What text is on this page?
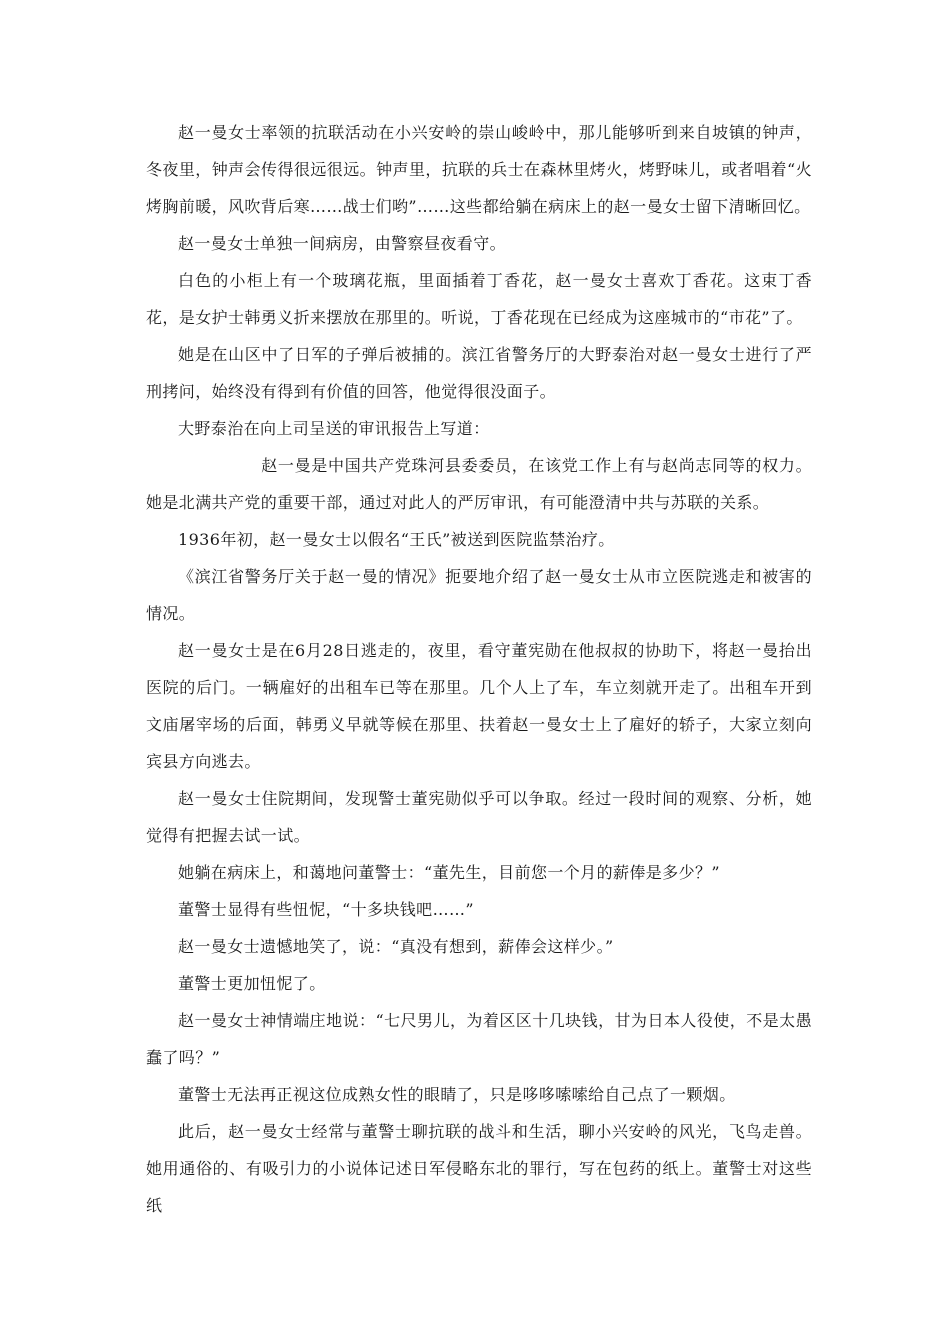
赵一曼女士率领的抗联活动在小兴安岭的崇山峻岭中，那儿能够听到来自坡镇的钟声，冬夜里，钟声会传得很远很远。钟声里，抗联的兵士在森林里烤火，烤野味儿，或者唱着“火烤胸前暖，风吹背后寒……战士们哟”……这些都给躺在病床上的赵一曼女士留下清晰回忆。

赵一曼女士单独一间病房，由警察昼夜看守。

白色的小柜上有一个玻璃花瓶，里面插着丁香花，赵一曼女士喜欢丁香花。这束丁香花，是女护士韩勇义折来摆放在那里的。听说，丁香花现在已经成为这座城市的“市花”了。

她是在山区中了日军的子弹后被捕的。滨江省警务厅的大野泰治对赵一曼女士进行了严刑拷问，始终没有得到有价值的回答，他觉得很没面子。

大野泰治在向上司呈送的审讯报告上写道：

赵一曼是中国共产党珠河县委委员，在该党工作上有与赵尚志同等的权力。她是北满共产党的重要干部，通过对此人的严厉审讯，有可能澄清中共与苏联的关系。

1936年初，赵一曼女士以假名“王氏”被送到医院监禁治疗。

《滨江省警务厅关于赵一曼的情况》扼要地介绍了赵一曼女士从市立医院逃走和被害的情况。

赵一曼女士是在6月28日逃走的，夜里，看守董宪勋在他叔叔的协助下，将赵一曼抬出医院的后门。一辆雇好的出租车已等在那里。几个人上了车，车立刻就开走了。出租车开到文庙屠宰场的后面，韩勇义早就等候在那里、扶着赵一曼女士上了雇好的轿子，大家立刻向宾县方向逃去。

赵一曼女士住院期间，发现警士董宪勋似乎可以争取。经过一段时间的观察、分析，她觉得有把握去试一试。

她躺在病床上，和蔼地问董警士：“董先生，目前您一个月的薪俸是多少？”

董警士显得有些忸怩，“十多块钱吧……”

赵一曼女士遗憾地笑了，说：“真没有想到，薪俸会这样少。”

董警士更加忸怩了。

赵一曼女士神情端庄地说：“七尺男儿，为着区区十几块钱，甘为日本人役使，不是太愚蠢了吗？”

董警士无法再正视这位成熟女性的眼睛了，只是哆哆嗦嗦给自己点了一颗烟。

此后，赵一曼女士经常与董警士聊抗联的战斗和生活，聊小兴安岭的风光，飞鸟走兽。她用通俗的、有吸引力的小说体记述日军侵略东北的罪行，写在包药的纸上。董警士对这些纸
